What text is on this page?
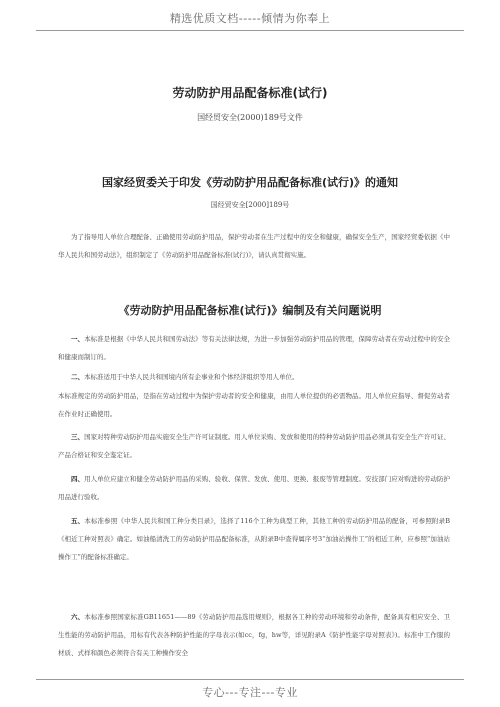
精选优质文档-----倾情为你奉上
劳动防护用品配备标准(试行)
国经贸安全(2000)189号文件
国家经贸委关于印发《劳动防护用品配备标准(试行)》的通知
国经贸安全[2000]189号
为了指导用人单位合理配备、正确使用劳动防护用品，保护劳动者在生产过程中的安全和健康，确保安全生产，国家经贸委依据《中华人民共和国劳动法》，组织制定了《劳动防护用品配备标准(试行)》，请认真贯彻实施。
《劳动防护用品配备标准(试行)》编制及有关问题说明
一、本标准是根据《中华人民共和国劳动法》等有关法律法规，为进一步加强劳动防护用品的管理，保障劳动者在劳动过程中的安全和健康而制订的。
二、本标准适用于中华人民共和国境内所有企事业和个体经济组织等用人单位。
本标准规定的劳动防护用品，是指在劳动过程中为保护劳动者的安全和健康，由用人单位提供的必需物品。用人单位应指导、督促劳动者在作业时正确使用。
三、国家对特种劳动防护用品实施安全生产许可证制度。用人单位采购、发放和使用的特种劳动防护用品必须具有安全生产许可证、产品合格证和安全鉴定证。
四、用人单位应建立和健全劳动防护用品的采购、验收、保管、发放、使用、更换、报废等管理制度。安技部门应对购进的劳动防护用品进行验收。
五、本标准参照《中华人民共和国工种分类目录》，选择了116个工种为典型工种，其他工种的劳动防护用品的配备，可参照附录B《相近工种对照表》确定。如油船清洗工的劳动防护用品配备标准，从附录B中查得属序号3“加油站操作工”的相近工种，应参照“加油站操作工”的配备标准确定。
六、本标准参照国家标准GB11651——89《劳动防护用品选用规则》，根据各工种的劳动环境和劳动条件，配备具有相应安全、卫生性能的劳动防护用品，用标有代表各种防护性能的字母表示(如cc，fg，hw等，详见附录A《防护性能字母对照表》)。标准中工作服的材质、式样和颜色必须符合有关工种操作安全
专心---专注---专业
